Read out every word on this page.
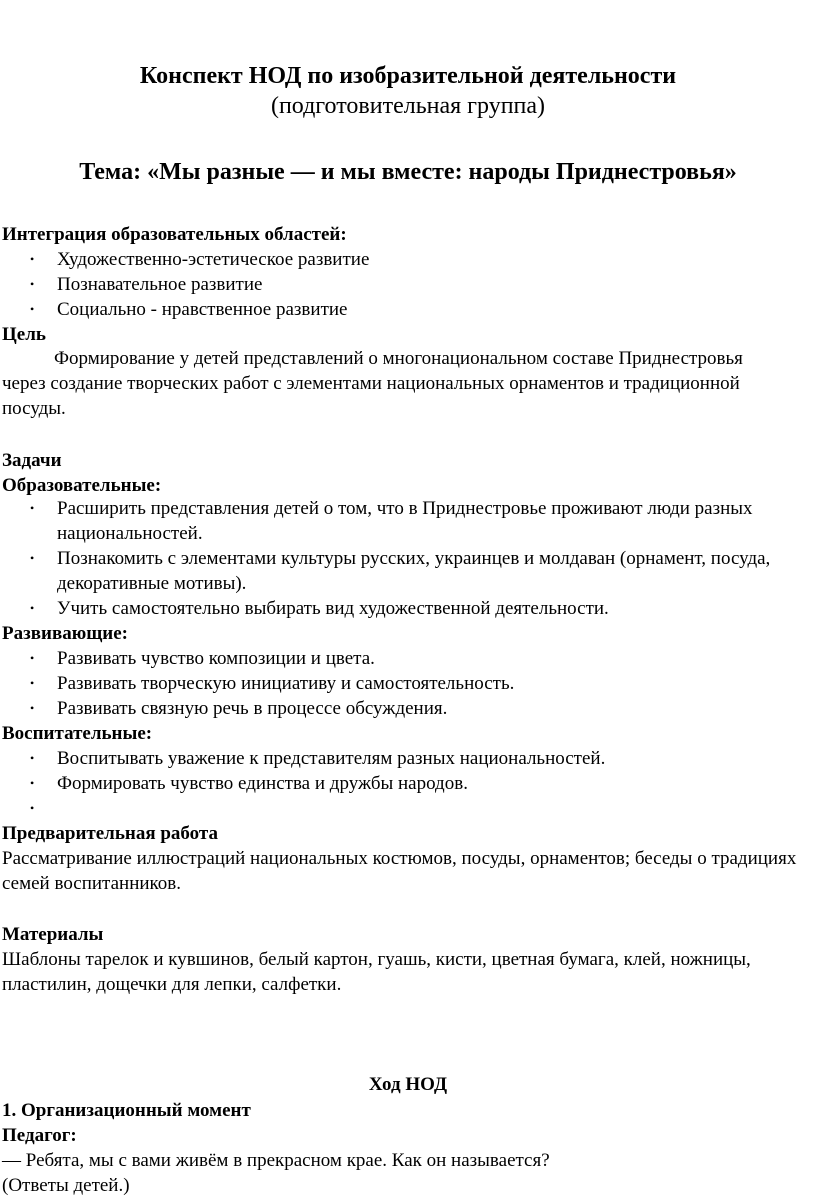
Конспект НОД по изобразительной деятельности
(подготовительная группа)
Тема: «Мы разные — и мы вместе: народы Приднестровья»
Интеграция образовательных областей:
• Художественно-эстетическое развитие
• Познавательное развитие
• Социально - нравственное развитие
Цель
Формирование у детей представлений о многонациональном составе Приднестровья через создание творческих работ с элементами национальных орнаментов и традиционной посуды.
Задачи
Образовательные:
• Расширить представления детей о том, что в Приднестровье проживают люди разных национальностей.
• Познакомить с элементами культуры русских, украинцев и молдаван (орнамент, посуда, декоративные мотивы).
• Учить самостоятельно выбирать вид художественной деятельности.
Развивающие:
• Развивать чувство композиции и цвета.
• Развивать творческую инициативу и самостоятельность.
• Развивать связную речь в процессе обсуждения.
Воспитательные:
• Воспитывать уважение к представителям разных национальностей.
• Формировать чувство единства и дружбы народов.
•
Предварительная работа
Рассматривание иллюстраций национальных костюмов, посуды, орнаментов; беседы о традициях семей воспитанников.
Материалы
Шаблоны тарелок и кувшинов, белый картон, гуашь, кисти, цветная бумага, клей, ножницы, пластилин, дощечки для лепки, салфетки.
Ход НОД
1. Организационный момент
Педагог:
— Ребята, мы с вами живём в прекрасном крае. Как он называется?
(Ответы детей.)
